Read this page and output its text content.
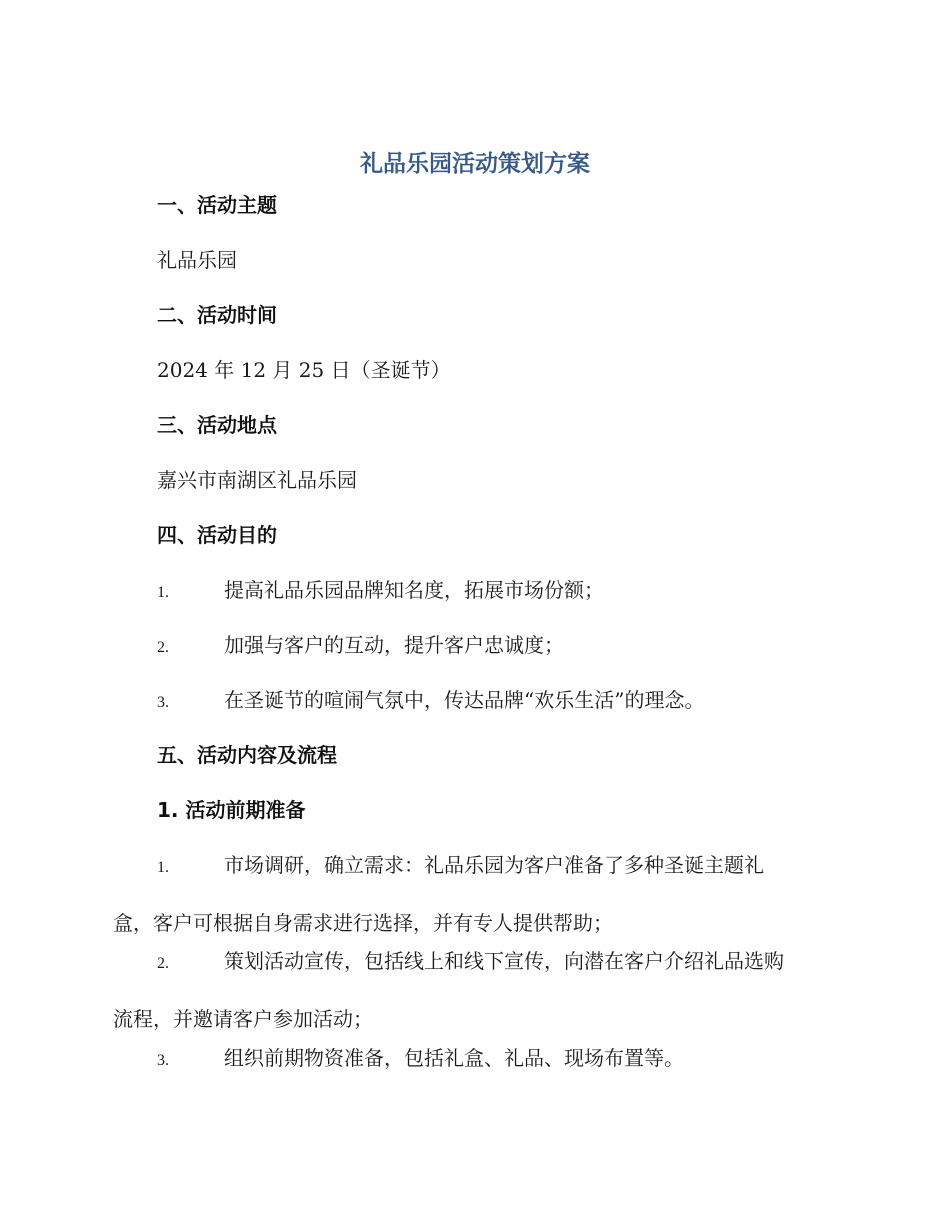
礼品乐园活动策划方案
一、活动主题
礼品乐园
二、活动时间
2024 年 12 月 25 日（圣诞节）
三、活动地点
嘉兴市南湖区礼品乐园
四、活动目的
1.	提高礼品乐园品牌知名度，拓展市场份额；
2.	加强与客户的互动，提升客户忠诚度；
3.	在圣诞节的喧闹气氛中，传达品牌“欢乐生活”的理念。
五、活动内容及流程
1. 活动前期准备
1.	市场调研，确立需求：礼品乐园为客户准备了多种圣诞主题礼
盒，客户可根据自身需求进行选择，并有专人提供帮助；
2.	策划活动宣传，包括线上和线下宣传，向潜在客户介绍礼品选购
流程，并邀请客户参加活动；
3.	组织前期物资准备，包括礼盒、礼品、现场布置等。
